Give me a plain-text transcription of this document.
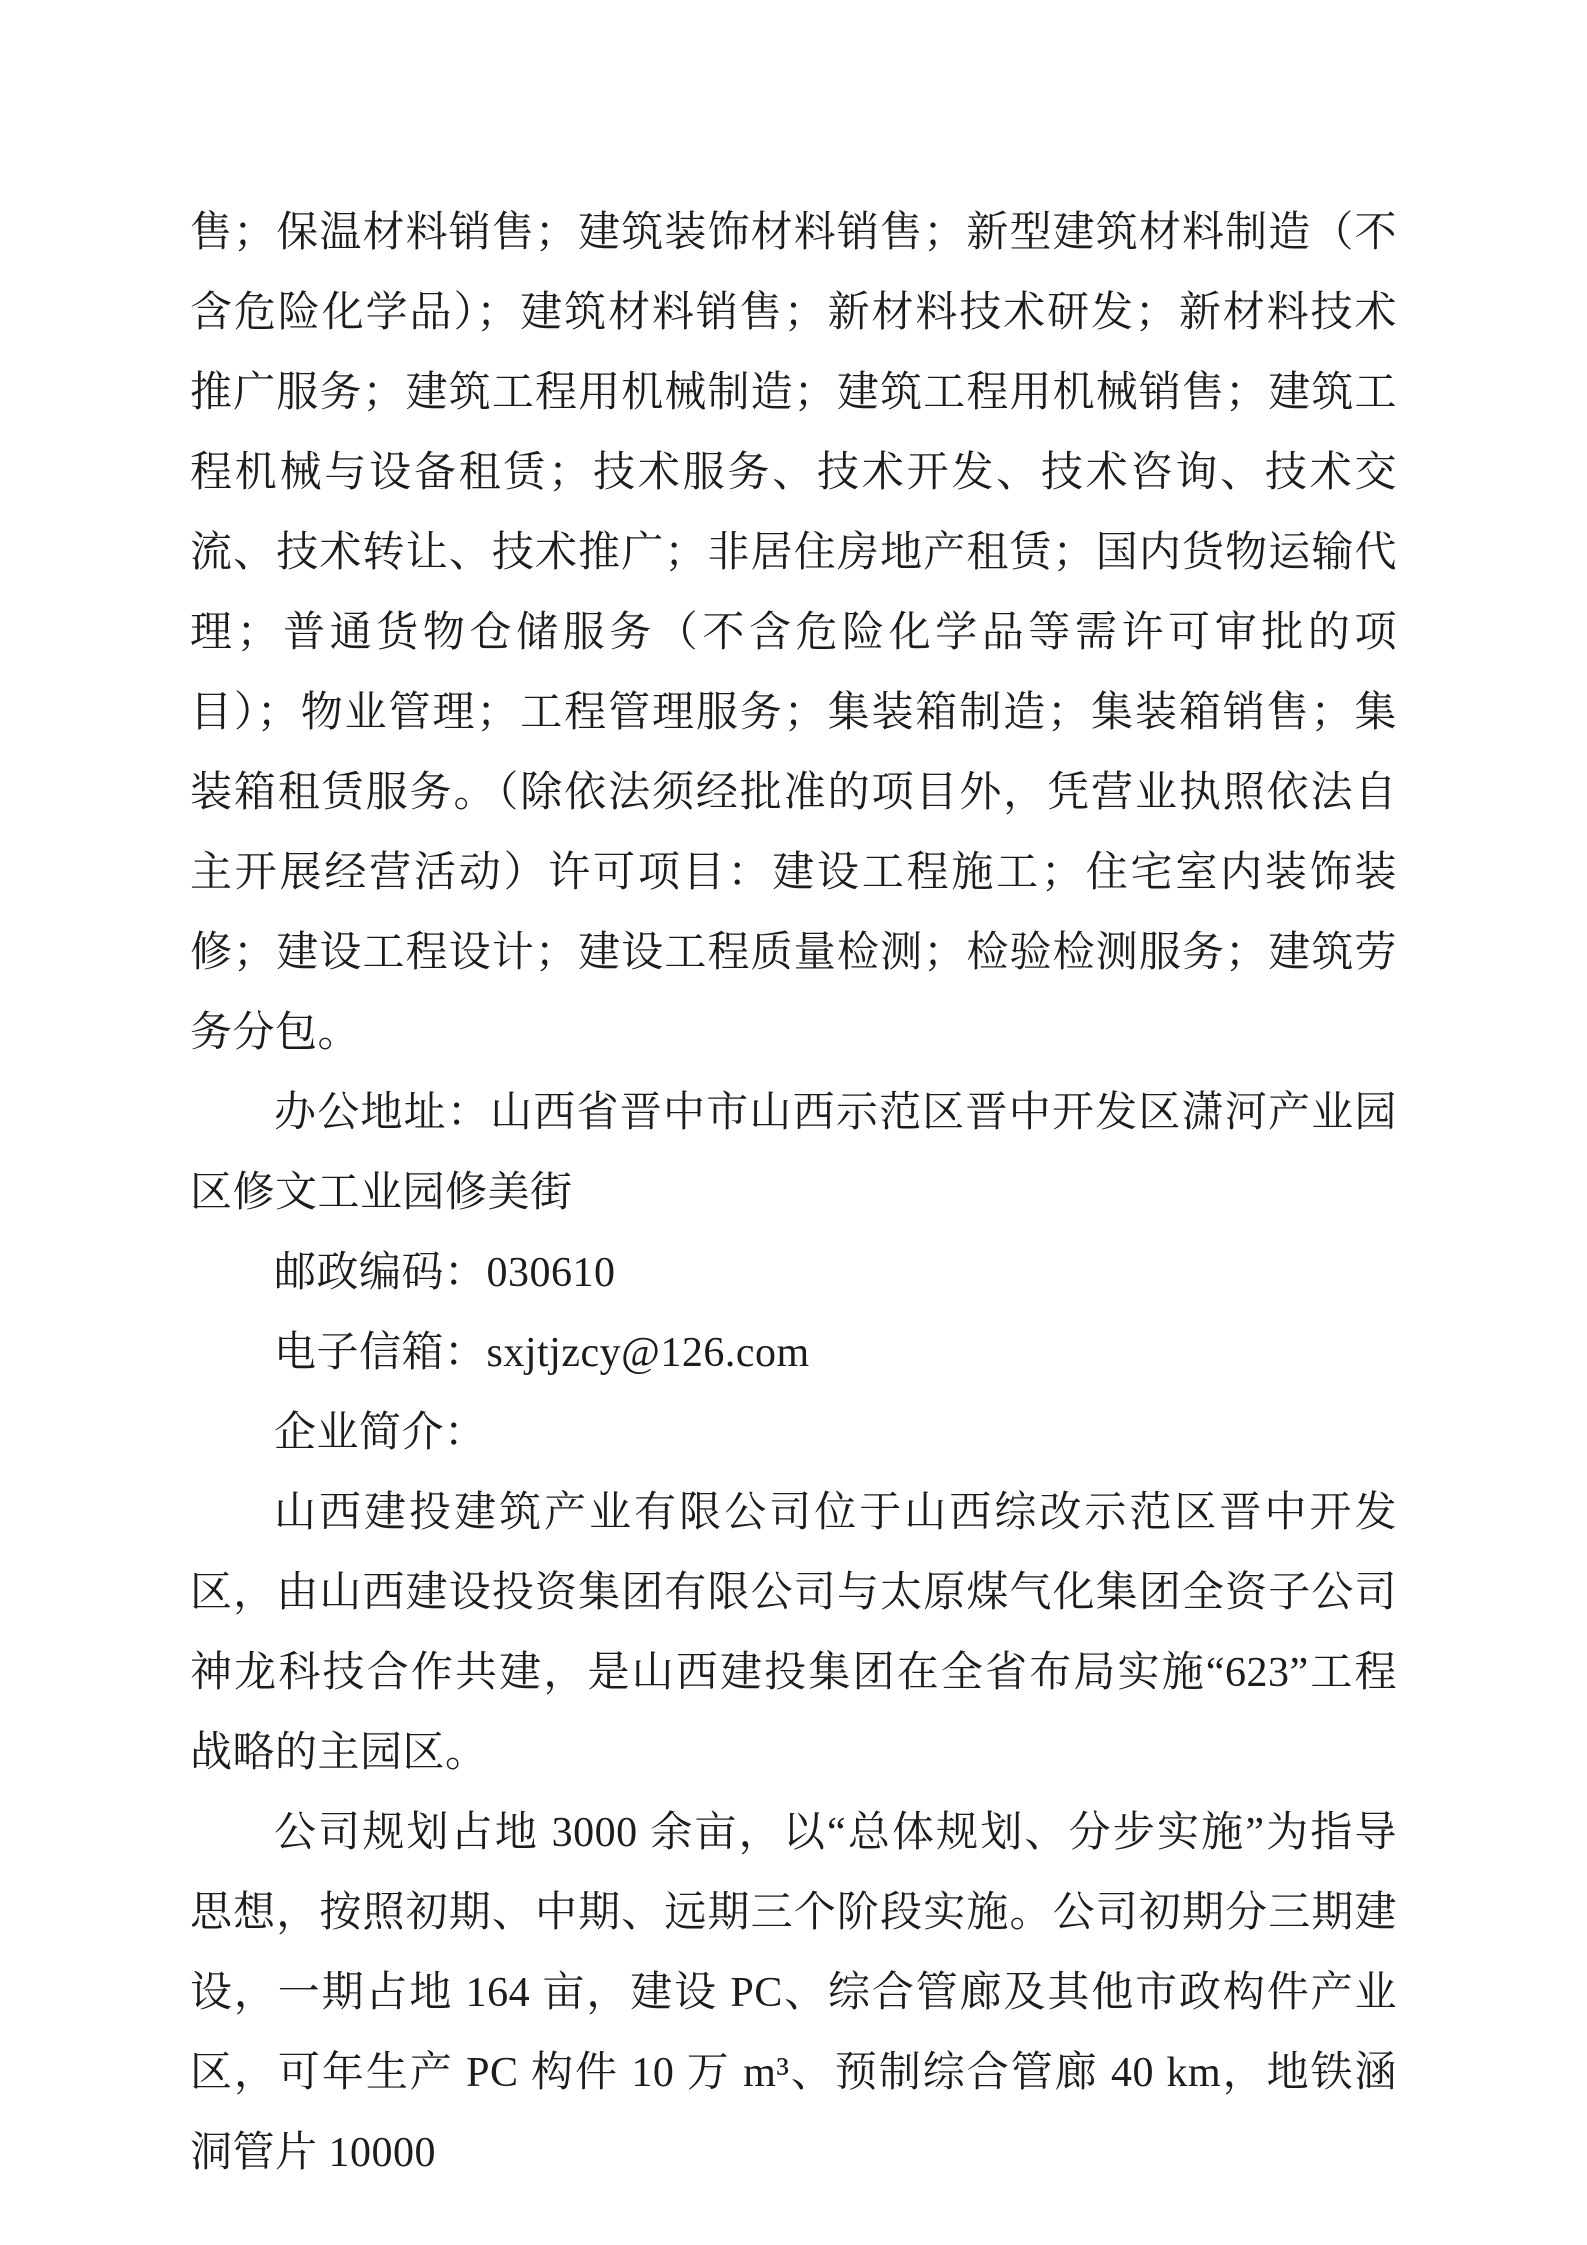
售；保温材料销售；建筑装饰材料销售；新型建筑材料制造（不含危险化学品）；建筑材料销售；新材料技术研发；新材料技术推广服务；建筑工程用机械制造；建筑工程用机械销售；建筑工程机械与设备租赁；技术服务、技术开发、技术咨询、技术交流、技术转让、技术推广；非居住房地产租赁；国内货物运输代理；普通货物仓储服务（不含危险化学品等需许可审批的项目）；物业管理；工程管理服务；集装箱制造；集装箱销售；集装箱租赁服务。（除依法须经批准的项目外，凭营业执照依法自主开展经营活动）许可项目：建设工程施工；住宅室内装饰装修；建设工程设计；建设工程质量检测；检验检测服务；建筑劳务分包。

办公地址：山西省晋中市山西示范区晋中开发区潇河产业园区修文工业园修美街

邮政编码：030610

电子信箱：sxjtjzcy@126.com

企业简介：

山西建投建筑产业有限公司位于山西综改示范区晋中开发区，由山西建设投资集团有限公司与太原煤气化集团全资子公司神龙科技合作共建，是山西建投集团在全省布局实施“623”工程战略的主园区。

公司规划占地 3000 余亩，以“总体规划、分步实施”为指导思想，按照初期、中期、远期三个阶段实施。公司初期分三期建设，一期占地 164 亩，建设 PC、综合管廊及其他市政构件产业区，可年生产 PC 构件 10 万 m³、预制综合管廊 40 km，地铁涵洞管片 10000
